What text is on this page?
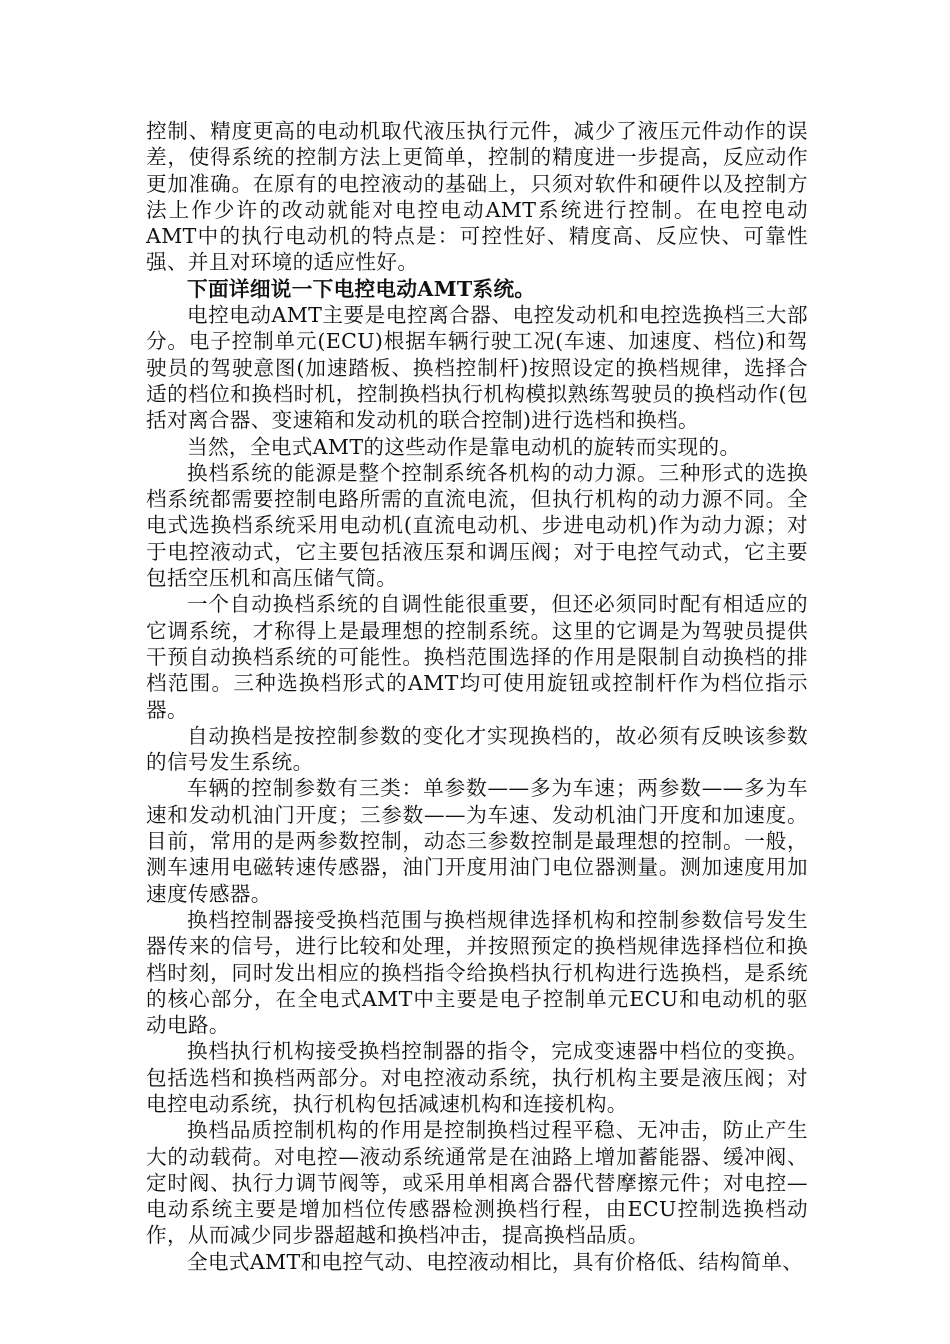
控制、精度更高的电动机取代液压执行元件，减少了液压元件动作的误差，使得系统的控制方法上更简单，控制的精度进一步提高，反应动作更加准确。在原有的电控液动的基础上，只须对软件和硬件以及控制方法上作少许的改动就能对电控电动AMT系统进行控制。在电控电动AMT中的执行电动机的特点是：可控性好、精度高、反应快、可靠性强、并且对环境的适应性好。

下面详细说一下电控电动AMT系统。

电控电动AMT主要是电控离合器、电控发动机和电控选换档三大部分。电子控制单元(ECU)根据车辆行驶工况(车速、加速度、档位)和驾驶员的驾驶意图(加速踏板、换档控制杆)按照设定的换档规律，选择合适的档位和换档时机，控制换档执行机构模拟熟练驾驶员的换档动作(包括对离合器、变速箱和发动机的联合控制)进行选档和换档。

当然，全电式AMT的这些动作是靠电动机的旋转而实现的。

换档系统的能源是整个控制系统各机构的动力源。三种形式的选换档系统都需要控制电路所需的直流电流，但执行机构的动力源不同。全电式选换档系统采用电动机(直流电动机、步进电动机)作为动力源；对于电控液动式，它主要包括液压泵和调压阀；对于电控气动式，它主要包括空压机和高压储气筒。

一个自动换档系统的自调性能很重要，但还必须同时配有相适应的它调系统，才称得上是最理想的控制系统。这里的它调是为驾驶员提供干预自动换档系统的可能性。换档范围选择的作用是限制自动换档的排档范围。三种选换档形式的AMT均可使用旋钮或控制杆作为档位指示器。

自动换档是按控制参数的变化才实现换档的，故必须有反映该参数的信号发生系统。

车辆的控制参数有三类：单参数——多为车速；两参数——多为车速和发动机油门开度；三参数——为车速、发动机油门开度和加速度。目前，常用的是两参数控制，动态三参数控制是最理想的控制。一般，测车速用电磁转速传感器，油门开度用油门电位器测量。测加速度用加速度传感器。

换档控制器接受换档范围与换档规律选择机构和控制参数信号发生器传来的信号，进行比较和处理，并按照预定的换档规律选择档位和换档时刻，同时发出相应的换档指令给换档执行机构进行选换档，是系统的核心部分，在全电式AMT中主要是电子控制单元ECU和电动机的驱动电路。

换档执行机构接受换档控制器的指令，完成变速器中档位的变换。包括选档和换档两部分。对电控液动系统，执行机构主要是液压阀；对电控电动系统，执行机构包括减速机构和连接机构。

换档品质控制机构的作用是控制换档过程平稳、无冲击，防止产生大的动载荷。对电控—液动系统通常是在油路上增加蓄能器、缓冲阀、定时阀、执行力调节阀等，或采用单相离合器代替摩擦元件；对电控—电动系统主要是增加档位传感器检测换档行程，由ECU控制选换档动作，从而减少同步器超越和换档冲击，提高换档品质。

全电式AMT和电控气动、电控液动相比，具有价格低、结构简单、
